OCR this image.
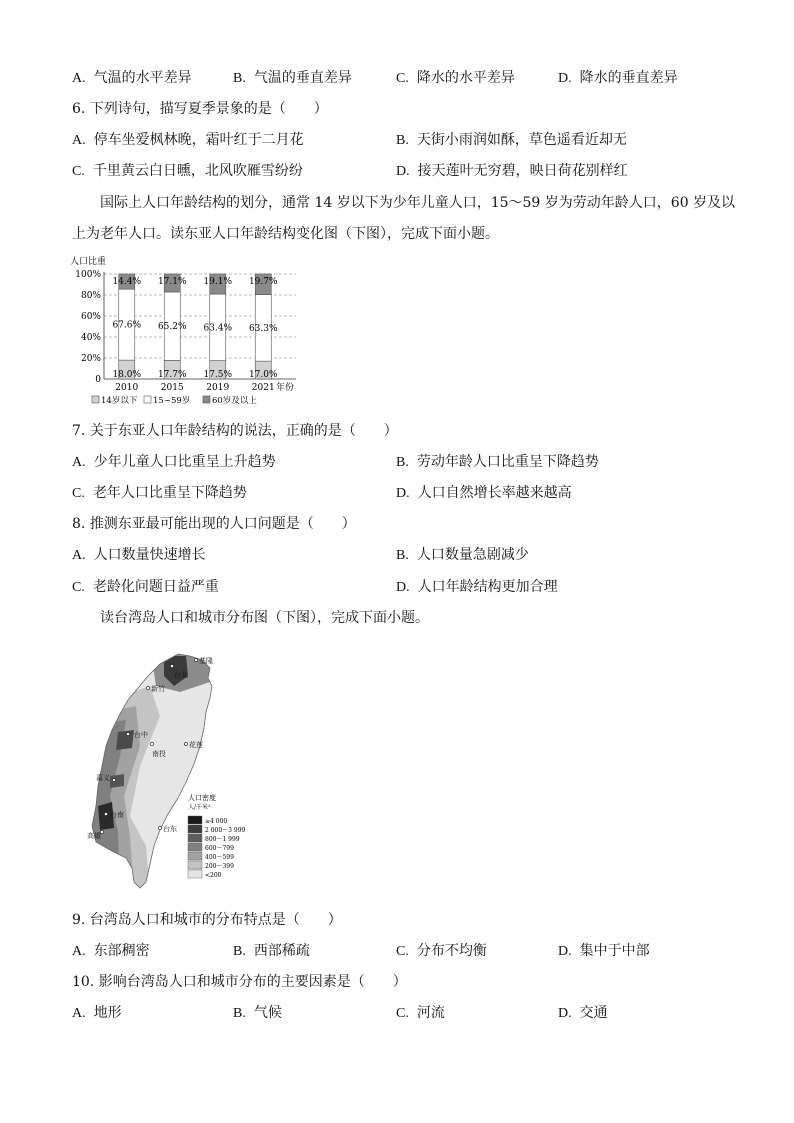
A. 气温的水平差异	B. 气温的垂直差异	C. 降水的水平差异	D. 降水的垂直差异
6. 下列诗句，描写夏季景象的是（　　）
A. 停车坐爱枫林晚，霜叶红于二月花	B. 天街小雨润如酥，草色遥看近却无
C. 千里黄云白日曛，北风吹雁雪纷纷	D. 接天莲叶无穷碧，映日荷花别样红
国际上人口年龄结构的划分，通常 14 岁以下为少年儿童人口，15～59 岁为劳动年龄人口，60 岁及以
上为老年人口。读东亚人口年龄结构变化图（下图），完成下面小题。
人口比重
0
20%
40%
60%
80%
100%
18.0%
67.6%
14.4%
2010
17.7%
65.2%
17.1%
2015
17.5%
63.4%
19.1%
2019
17.0%
63.3%
19.7%
2021 年份
14岁以下 15~59岁	60岁及以上
7. 关于东亚人口年龄结构的说法，正确的是（　　）
A. 少年儿童人口比重呈上升趋势	B. 劳动年龄人口比重呈下降趋势
C. 老年人口比重呈下降趋势	D. 人口自然增长率越来越高
8. 推测东亚最可能出现的人口问题是（　　）
A. 人口数量快速增长	B. 人口数量急剧减少
C. 老龄化问题日益严重	D. 人口年龄结构更加合理
读台湾岛人口和城市分布图（下图），完成下面小题。
台北
基隆
新竹
台中
南投
花莲
嘉义
台南
高雄
台东
人口密度
人/千米²
≥4 000
2 000～3 999
800～1 999
600～799
400～599
200～399
<200
9. 台湾岛人口和城市的分布特点是（　　）
A. 东部稠密	B. 西部稀疏	C. 分布不均衡	D. 集中于中部
10. 影响台湾岛人口和城市分布的主要因素是（　　）
A. 地形	B. 气候	C. 河流	D. 交通
